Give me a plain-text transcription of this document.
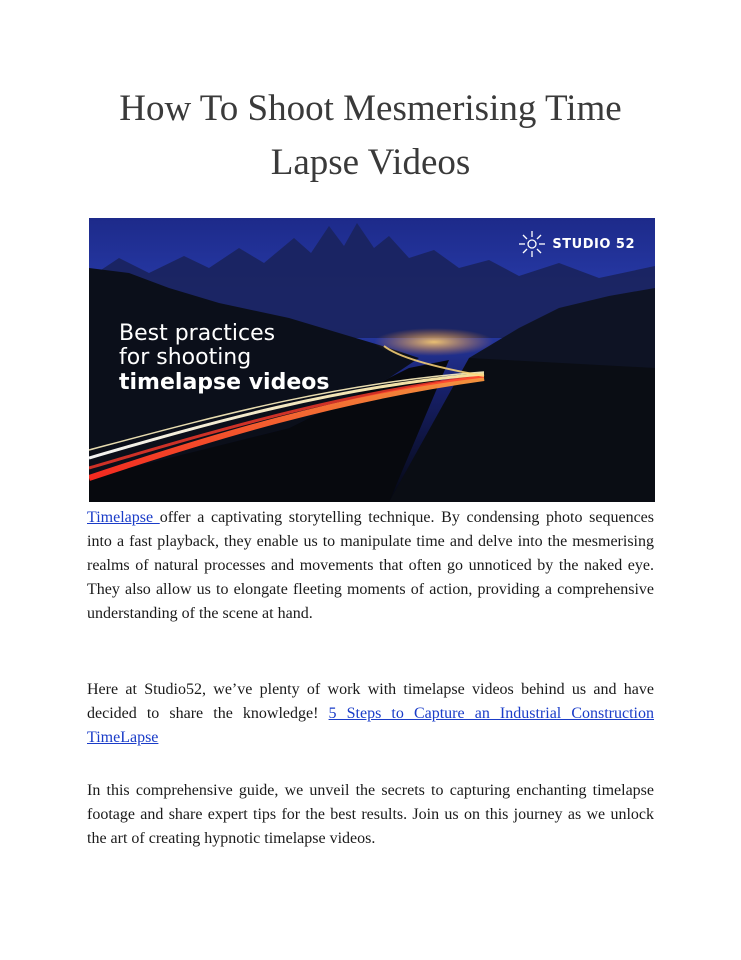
How To Shoot Mesmerising Time
Lapse Videos
Best practices
for shooting
timelapse videos
STUDIO 52

Timelapse offer a captivating storytelling technique. By condensing photo sequences into a fast playback, they enable us to manipulate time and delve into the mesmerising realms of natural processes and movements that often go unnoticed by the naked eye. They also allow us to elongate fleeting moments of action, providing a comprehensive understanding of the scene at hand.

Here at Studio52, we’ve plenty of work with timelapse videos behind us and have decided to share the knowledge! 5 Steps to Capture an Industrial Construction TimeLapse

In this comprehensive guide, we unveil the secrets to capturing enchanting timelapse footage and share expert tips for the best results. Join us on this journey as we unlock the art of creating hypnotic timelapse videos.
